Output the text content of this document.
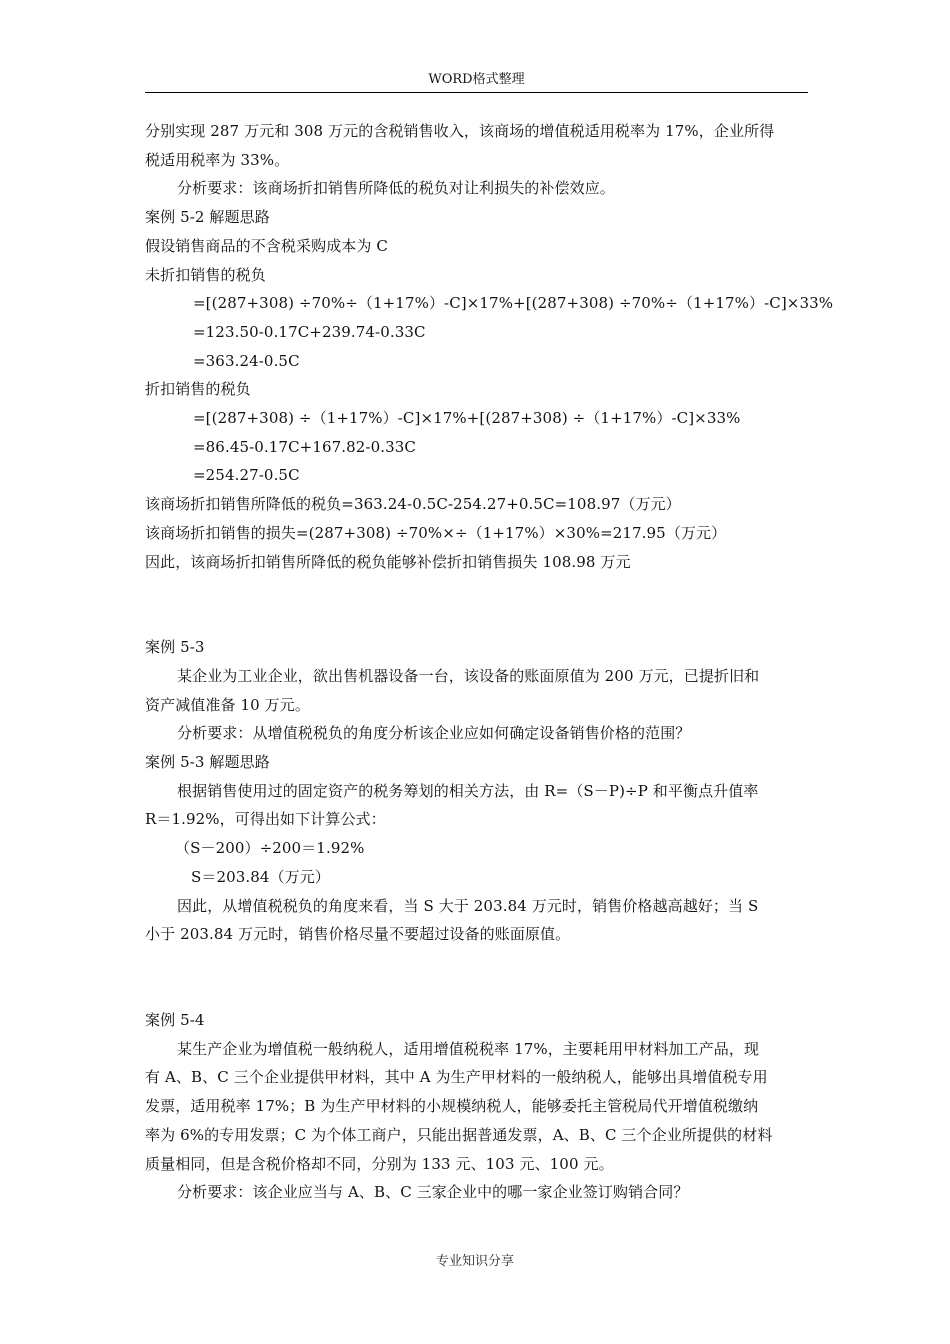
WORD格式整理
分别实现 287 万元和 308 万元的含税销售收入，该商场的增值税适用税率为 17%，企业所得
税适用税率为 33%。
分析要求：该商场折扣销售所降低的税负对让利损失的补偿效应。
案例 5-2 解题思路
假设销售商品的不含税采购成本为 C
未折扣销售的税负
=[(287+308) ÷70%÷（1+17%）-C]×17%+[(287+308) ÷70%÷（1+17%）-C]×33%
=123.50-0.17C+239.74-0.33C
=363.24-0.5C
折扣销售的税负
=[(287+308) ÷（1+17%）-C]×17%+[(287+308) ÷（1+17%）-C]×33%
=86.45-0.17C+167.82-0.33C
=254.27-0.5C
该商场折扣销售所降低的税负=363.24-0.5C-254.27+0.5C=108.97（万元）
该商场折扣销售的损失=(287+308) ÷70%×÷（1+17%）×30%=217.95（万元）
因此，该商场折扣销售所降低的税负能够补偿折扣销售损失 108.98 万元
案例 5-3
某企业为工业企业，欲出售机器设备一台，该设备的账面原值为 200 万元，已提折旧和
资产减值准备 10 万元。
分析要求：从增值税税负的角度分析该企业应如何确定设备销售价格的范围？
案例 5-3 解题思路
根据销售使用过的固定资产的税务筹划的相关方法，由 R=（S－P)÷P 和平衡点升值率
R＝1.92%，可得出如下计算公式：
（S－200）÷200＝1.92%
S＝203.84（万元）
因此，从增值税税负的角度来看，当 S 大于 203.84 万元时，销售价格越高越好；当 S
小于 203.84 万元时，销售价格尽量不要超过设备的账面原值。
案例 5-4
某生产企业为增值税一般纳税人，适用增值税税率 17%，主要耗用甲材料加工产品，现
有 A、B、C 三个企业提供甲材料，其中 A 为生产甲材料的一般纳税人，能够出具增值税专用
发票，适用税率 17%；B 为生产甲材料的小规模纳税人，能够委托主管税局代开增值税缴纳
率为 6%的专用发票；C 为个体工商户，只能出据普通发票，A、B、C 三个企业所提供的材料
质量相同，但是含税价格却不同，分别为 133 元、103 元、100 元。
分析要求：该企业应当与 A、B、C 三家企业中的哪一家企业签订购销合同？
专业知识分享
